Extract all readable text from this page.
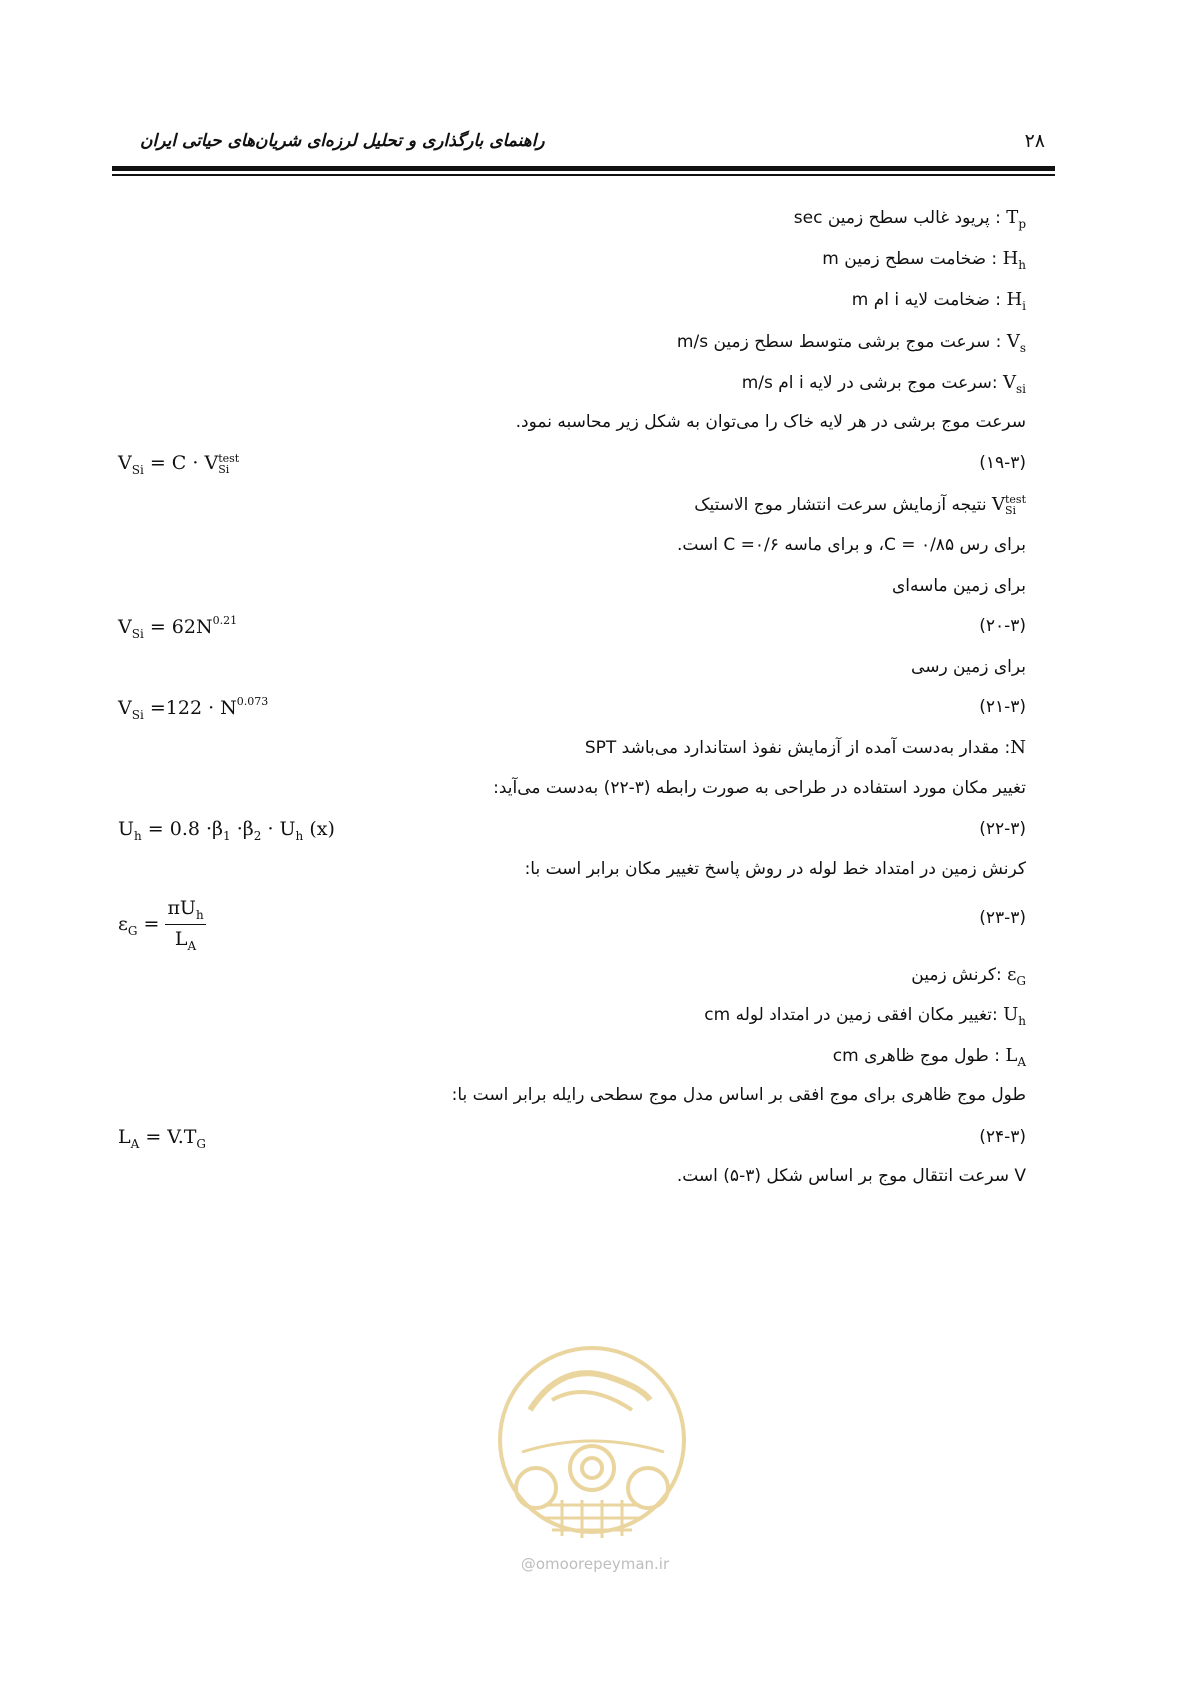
راهنمای بارگذاری و تحلیل لرزه‌ای شریان‌های حیاتی ایران	۲۸
$T_p$ : پریود غالب سطح زمین sec
$H_h$ : ضخامت سطح زمین m
$H_i$ : ضخامت لایه i ام m
$V_s$ : سرعت موج برشی متوسط سطح زمین m/s
$V_{si}$ :سرعت موج برشی در لایه i ام m/s
سرعت موج برشی در هر لایه خاک را می‌توان به شکل زیر محاسبه نمود.
$V_{Si} = C$ · Vtest
Si	(۱۹-۳)
Vtest
Si نتیجه آزمایش سرعت انتشار موج الاستیک
برای رس C = ۰/۸۵، و برای ماسه C =۰/۶ است.
برای زمین ماسه‌ای
$V_{Si} = 62N^{0.21}$	(۲۰-۳)
برای زمین رسی
$V_{Si} =122 \cdot N^{0.073}$	(۲۱-۳)
N: مقدار به‌دست آمده از آزمایش نفوذ استاندارد می‌باشد SPT
تغییر مکان مورد استفاده در طراحی به صورت رابطه (۳-۲۲) به‌دست می‌آید:
$U_h = 0.8 \cdot\beta_1 \cdot\beta_2 \cdot U_h$ (x)	(۲۲-۳)
کرنش زمین در امتداد خط لوله در روش پاسخ تغییر مکان برابر است با:
$\varepsilon_G = \frac{\pi U_h}{L_A}$	(۲۳-۳)
$\varepsilon_G$ :کرنش زمین
$U_h$ :تغییر مکان افقی زمین در امتداد لوله cm
$L_A$ : طول موج ظاهری cm
طول موج ظاهری برای موج افقی بر اساس مدل موج سطحی رایله برابر است با:
$L_A = V.T_G$	(۲۴-۳)
V سرعت انتقال موج بر اساس شکل (۳-۵) است.
@omoorepeyman.ir
